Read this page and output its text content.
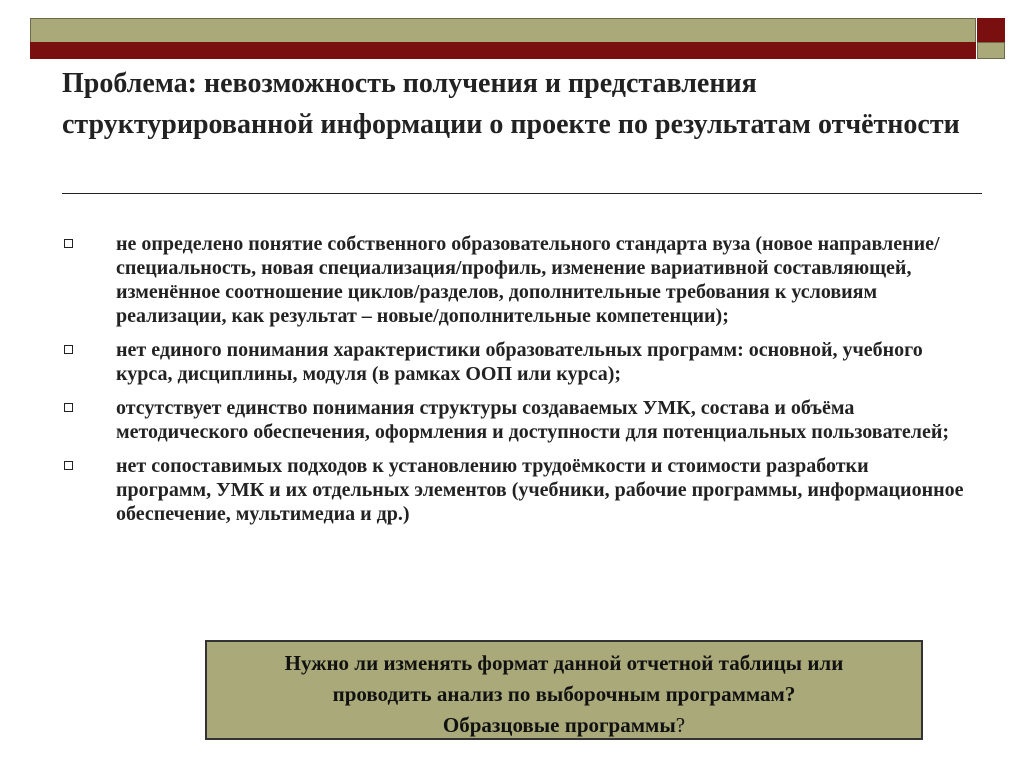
Проблема: невозможность получения и представления структурированной информации о проекте по результатам отчётности
не определено понятие собственного образовательного стандарта вуза (новое направление/специальность, новая специализация/профиль, изменение вариативной составляющей, изменённое соотношение циклов/разделов, дополнительные требования к условиям реализации, как результат – новые/дополнительные компетенции);
нет единого понимания характеристики образовательных программ: основной, учебного курса, дисциплины, модуля (в рамках ООП или курса);
отсутствует единство понимания структуры создаваемых УМК, состава и объёма методического обеспечения, оформления и доступности для потенциальных пользователей;
нет сопоставимых подходов к установлению трудоёмкости и стоимости разработки программ, УМК и их отдельных элементов (учебники, рабочие программы, информационное обеспечение, мультимедиа и др.)
Нужно ли изменять формат данной отчетной таблицы или
проводить анализ по выборочным программам?
Образцовые программы?
